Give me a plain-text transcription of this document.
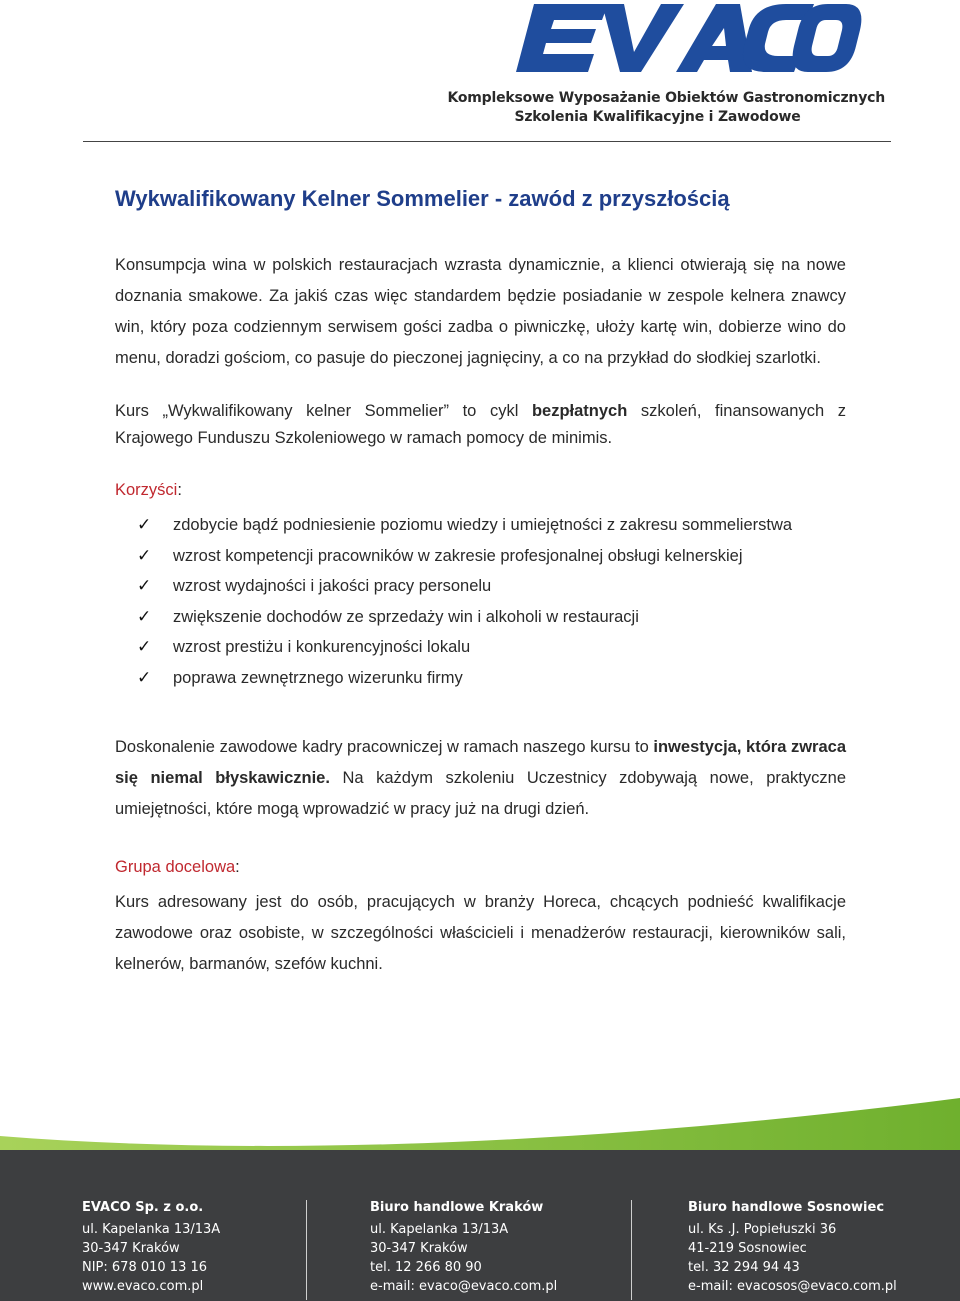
Kompleksowe Wyposażanie Obiektów Gastronomicznych
Szkolenia Kwalifikacyjne i Zawodowe
Wykwalifikowany Kelner Sommelier - zawód z przyszłością

Konsumpcja wina w polskich restauracjach wzrasta dynamicznie, a klienci otwierają się na nowe doznania smakowe. Za jakiś czas więc standardem będzie posiadanie w zespole kelnera znawcy win, który poza codziennym serwisem gości zadba o piwniczkę, ułoży kartę win, dobierze wino do menu, doradzi gościom, co pasuje do pieczonej jagnięciny, a co na przykład do słodkiej szarlotki.

Kurs „Wykwalifikowany kelner Sommelier” to cykl bezpłatnych szkoleń, finansowanych z Krajowego Funduszu Szkoleniowego w ramach pomocy de minimis.

Korzyści:
✓ zdobycie bądź podniesienie poziomu wiedzy i umiejętności z zakresu sommelierstwa
✓ wzrost kompetencji pracowników w zakresie profesjonalnej obsługi kelnerskiej
✓ wzrost wydajności i jakości pracy personelu
✓ zwiększenie dochodów ze sprzedaży win i alkoholi w restauracji
✓ wzrost prestiżu i konkurencyjności lokalu
✓ poprawa zewnętrznego wizerunku firmy

Doskonalenie zawodowe kadry pracowniczej w ramach naszego kursu to inwestycja, która zwraca się niemal błyskawicznie. Na każdym szkoleniu Uczestnicy zdobywają nowe, praktyczne umiejętności, które mogą wprowadzić w pracy już na drugi dzień.

Grupa docelowa:

Kurs adresowany jest do osób, pracujących w branży Horeca, chcących podnieść kwalifikacje zawodowe oraz osobiste, w szczególności właścicieli i menadżerów restauracji, kierowników sali, kelnerów, barmanów, szefów kuchni.

EVACO Sp. z o.o.
ul. Kapelanka 13/13A
30-347 Kraków
NIP: 678 010 13 16
www.evaco.com.pl
Biuro handlowe Kraków
ul. Kapelanka 13/13A
30-347 Kraków
tel. 12 266 80 90
e-mail: evaco@evaco.com.pl
Biuro handlowe Sosnowiec
ul. Ks .J. Popiełuszki 36
41-219 Sosnowiec
tel. 32 294 94 43
e-mail: evacosos@evaco.com.pl
